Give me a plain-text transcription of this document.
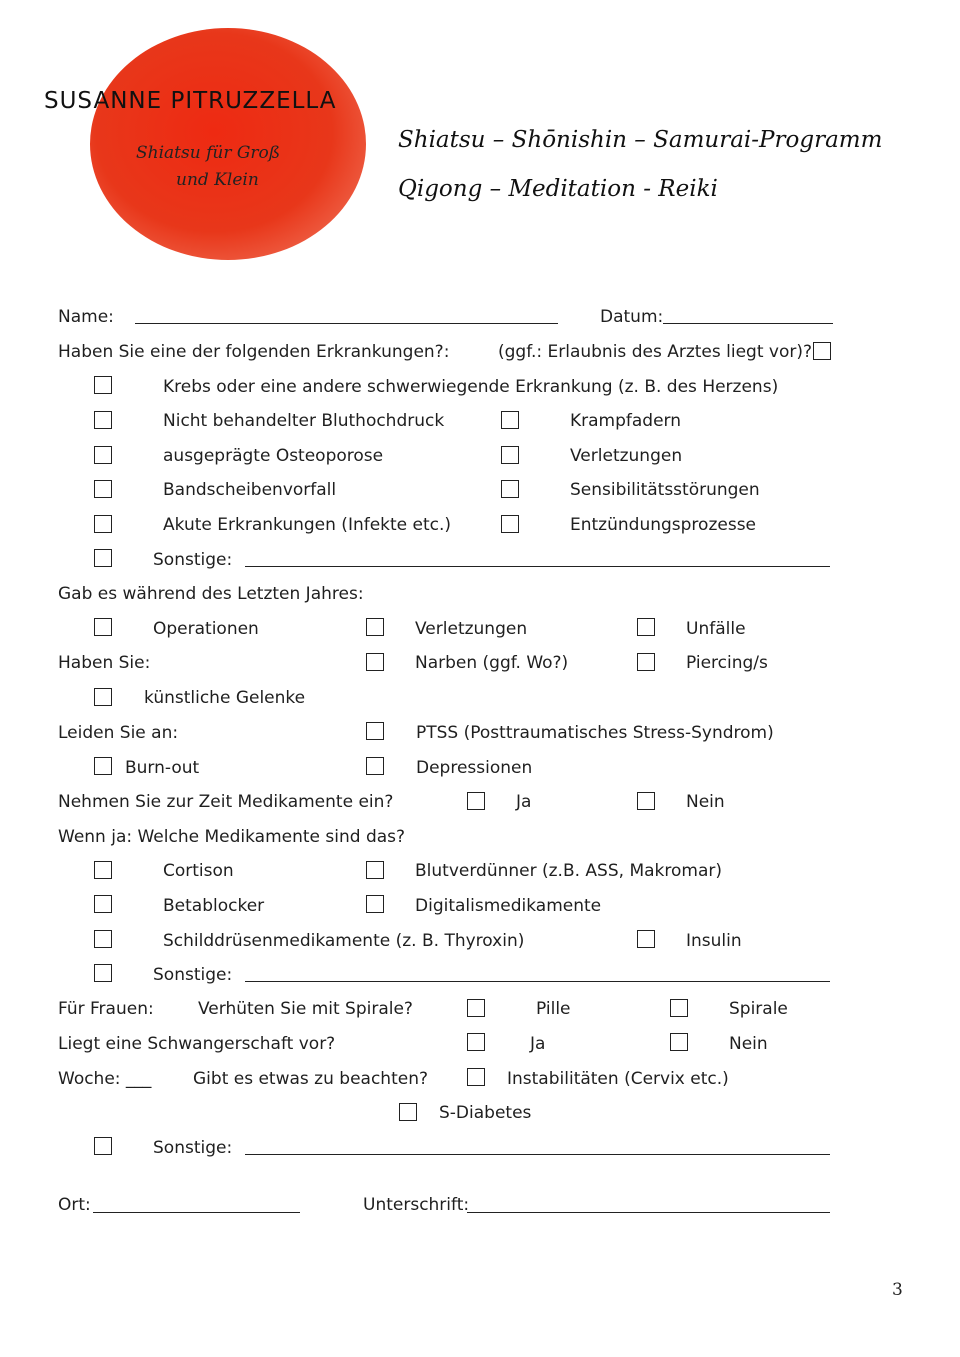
SUSANNE PITRUZZELLA
Shiatsu für Groß
und Klein
Shiatsu – Shōnishin – Samurai-Programm
Qigong – Meditation - Reiki
Name:	Datum:
Haben Sie eine der folgenden Erkrankungen?:	(ggf.: Erlaubnis des Arztes liegt vor)?
Krebs oder eine andere schwerwiegende Erkrankung (z. B. des Herzens)
Nicht behandelter Bluthochdruck	Krampfadern
ausgeprägte Osteoporose	Verletzungen
Bandscheibenvorfall	Sensibilitätsstörungen
Akute Erkrankungen (Infekte etc.)	Entzündungsprozesse
Sonstige:
Gab es während des Letzten Jahres:
Operationen	Verletzungen	Unfälle
Haben Sie:	Narben (ggf. Wo?)	Piercing/s
künstliche Gelenke
Leiden Sie an:	PTSS (Posttraumatisches Stress-Syndrom)
Burn-out	Depressionen
Nehmen Sie zur Zeit Medikamente ein?	Ja	Nein
Wenn ja: Welche Medikamente sind das?
Cortison	Blutverdünner (z.B. ASS, Makromar)
Betablocker	Digitalismedikamente
Schilddrüsenmedikamente (z. B. Thyroxin)	Insulin
Sonstige:
Für Frauen:	Verhüten Sie mit Spirale?	Pille	Spirale
Liegt eine Schwangerschaft vor?	Ja	Nein
Woche: ___ Gibt es etwas zu beachten?	Instabilitäten (Cervix etc.)
S-Diabetes
Sonstige:
Ort:	Unterschrift:
3
